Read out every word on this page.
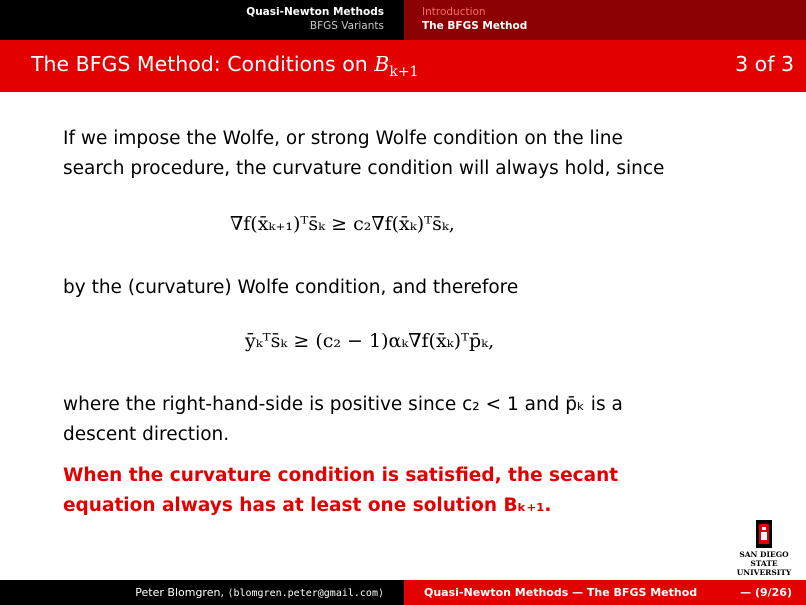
Quasi-Newton Methods
BFGS Variants
Introduction
The BFGS Method
The BFGS Method: Conditions on $B_{k+1}$	3 of 3
If we impose the Wolfe, or strong Wolfe condition on the line
search procedure, the curvature condition will always hold, since
∇f(x̄ₖ₊₁)ᵀs̄ₖ ≥ c₂∇f(x̄ₖ)ᵀs̄ₖ,
by the (curvature) Wolfe condition, and therefore
ȳₖᵀs̄ₖ ≥ (c₂ − 1)αₖ∇f(x̄ₖ)ᵀp̄ₖ,
where the right-hand-side is positive since c₂ < 1 and p̄ₖ is a
descent direction.
When the curvature condition is satisfied, the secant
equation always has at least one solution Bₖ₊₁.
SAN DIEGO STATE
UNIVERSITY
Peter Blomgren, ⟨blomgren.peter@gmail.com⟩	Quasi-Newton Methods — The BFGS Method	— (9/26)
